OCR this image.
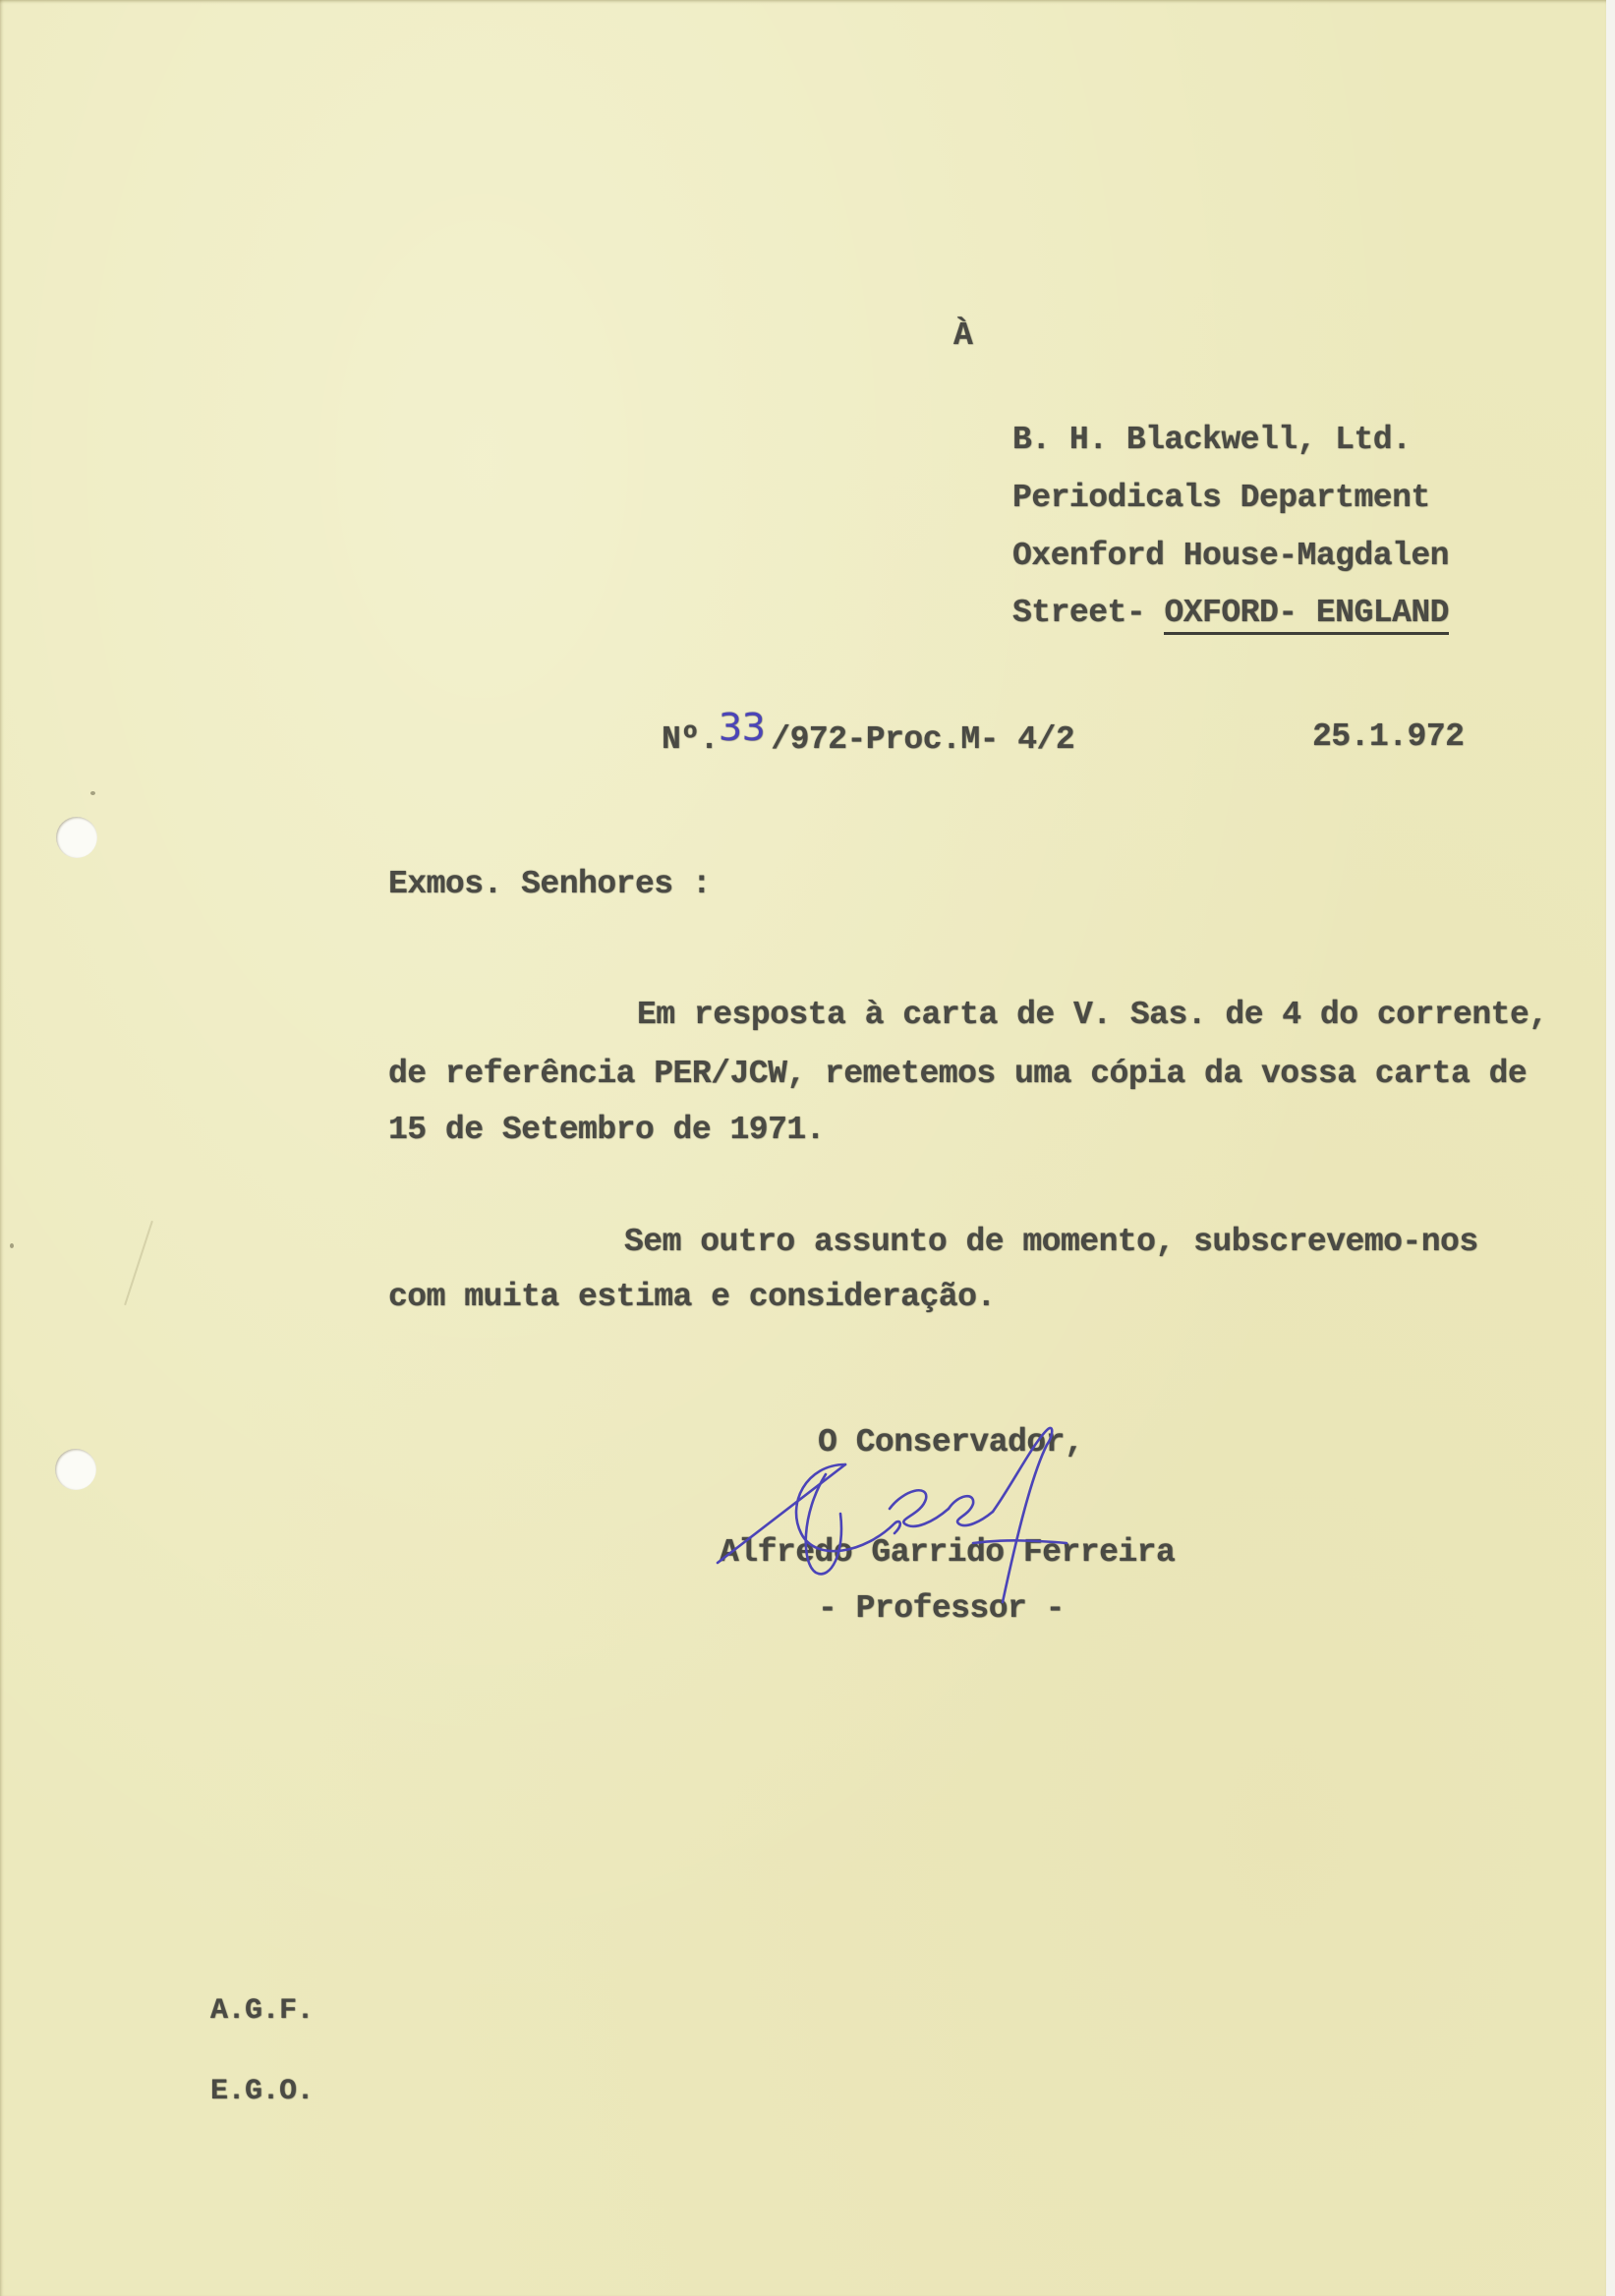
À
B. H. Blackwell, Ltd.
Periodicals Department
Oxenford House-Magdalen
Street- OXFORD- ENGLAND
Nº.33 /972-Proc.M- 4/2	25.1.972
Exmos. Senhores :
Em resposta à carta de V. Sas. de 4 do corrente,
de referência PER/JCW, remetemos uma cópia da vossa carta de
15 de Setembro de 1971.
Sem outro assunto de momento, subscrevemo-nos
com muita estima e consideração.
O Conservador,
Alfredo Garrido Ferreira
- Professor -
A.G.F.
E.G.O.
